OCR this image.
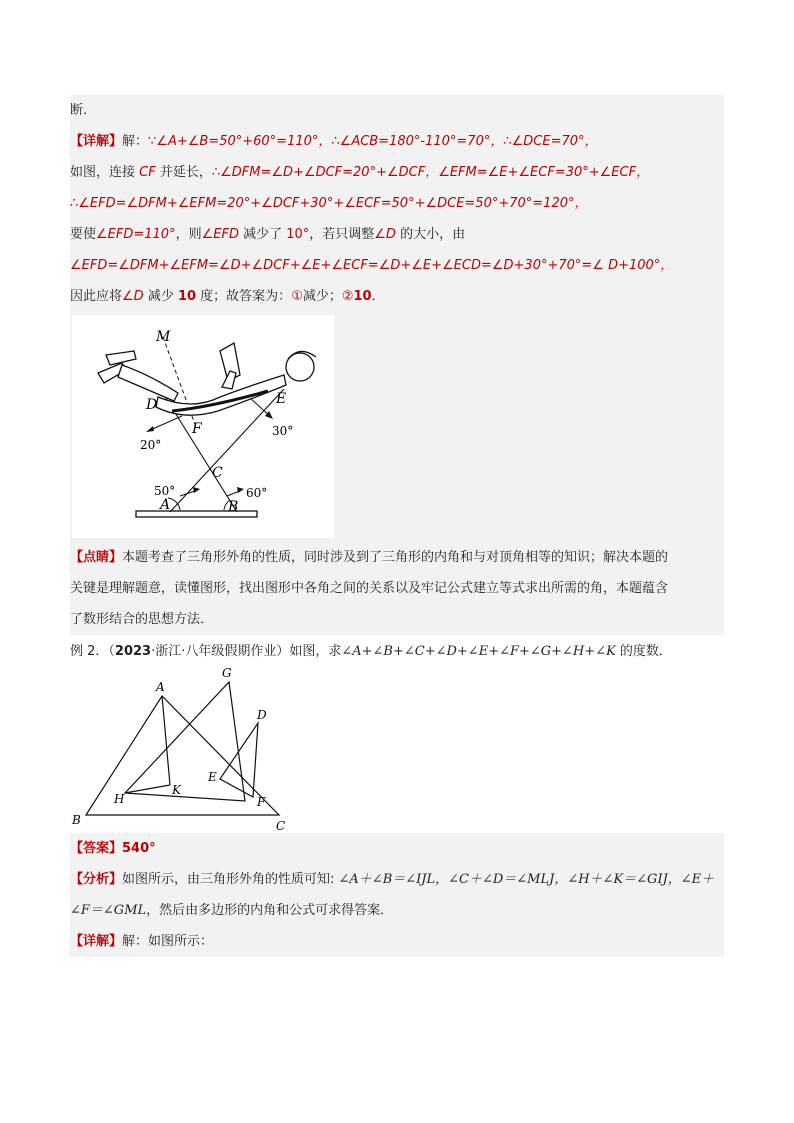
断．
【详解】解：∵∠A+∠B=50°+60°=110°，∴∠ACB=180°-110°=70°，∴∠DCE=70°，
如图，连接 CF 并延长，∴∠DFM=∠D+∠DCF=20°+∠DCF，∠EFM=∠E+∠ECF=30°+∠ECF，
∴∠EFD=∠DFM+∠EFM=20°+∠DCF+30°+∠ECF=50°+∠DCE=50°+70°=120°，
要使∠EFD=110°，则∠EFD 减少了 10°，若只调整∠D 的大小，由
∠EFD=∠DFM+∠EFM=∠D+∠DCF+∠E+∠ECF=∠D+∠E+∠ECD=∠D+30°+70°=∠ D+100°，
因此应将∠D 减少 10 度；故答案为：①减少；②10．
M
D	E
F
C
A	B
20°
30°
50°	60°
【点睛】本题考查了三角形外角的性质，同时涉及到了三角形的内角和与对顶角相等的知识；解决本题的
关键是理解题意，读懂图形，找出图形中各角之间的关系以及牢记公式建立等式求出所需的角，本题蕴含
了数形结合的思想方法．
例 2．（2023·浙江·八年级假期作业）如图，求∠A+∠B+∠C+∠D+∠E+∠F+∠G+∠H+∠K 的度数．
A
G
D
E
H
K
F
B	C
【答案】540°
【分析】如图所示，由三角形外角的性质可知: ∠A＋∠B＝∠IJL，∠C＋∠D＝∠MLJ，∠H＋∠K＝∠GIJ，∠E＋
∠F＝∠GML，然后由多边形的内角和公式可求得答案．
【详解】解：如图所示：
